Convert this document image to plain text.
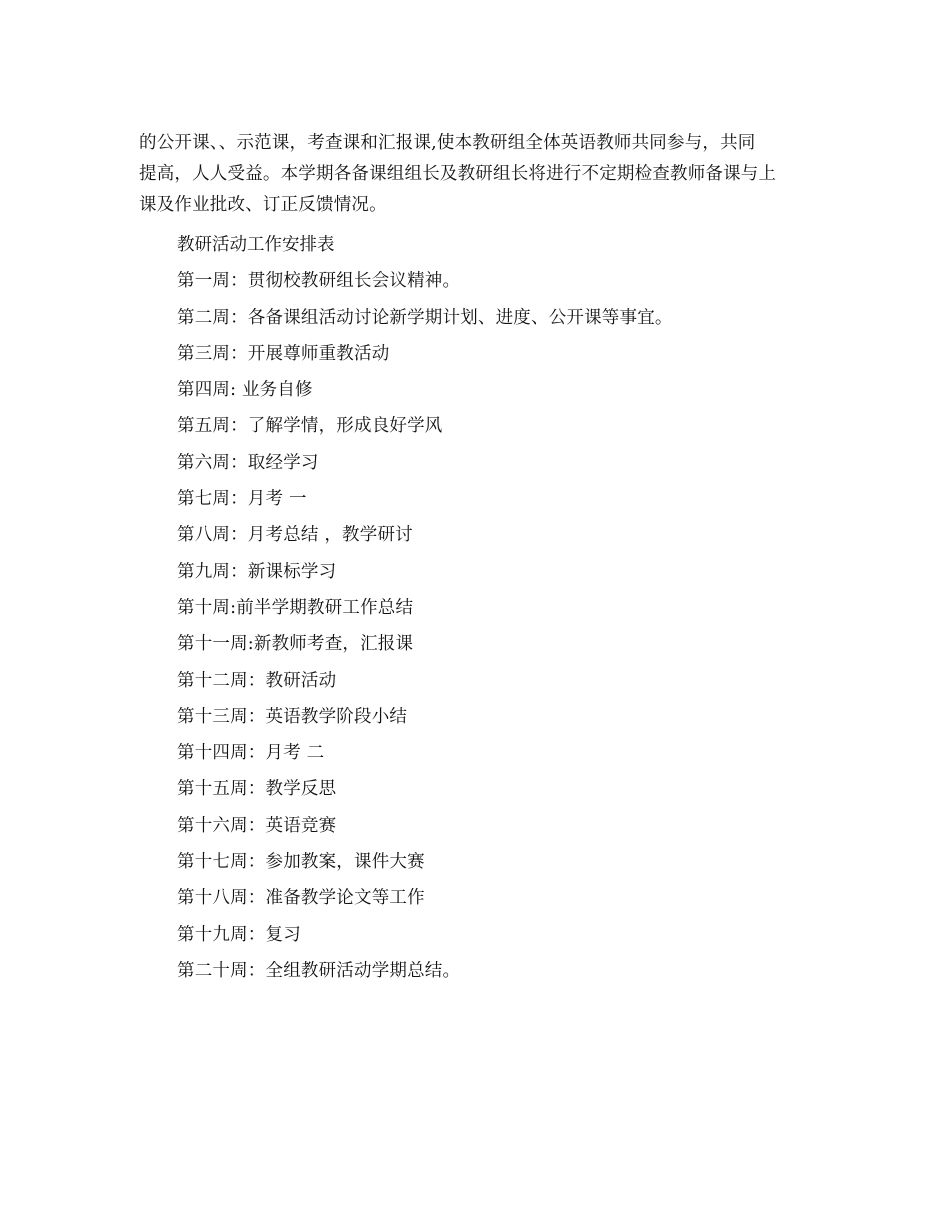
的公开课、、示范课，考查课和汇报课,使本教研组全体英语教师共同参与，共同
提高，人人受益。本学期各备课组组长及教研组长将进行不定期检查教师备课与上
课及作业批改、订正反馈情况。

教研活动工作安排表
第一周：贯彻校教研组长会议精神。
第二周：各备课组活动讨论新学期计划、进度、公开课等事宜。
第三周：开展尊师重教活动
第四周: 业务自修
第五周：了解学情，形成良好学风
第六周：取经学习
第七周：月考 一
第八周：月考总结 ，教学研讨
第九周：新课标学习
第十周:前半学期教研工作总结
第十一周:新教师考查，汇报课
第十二周：教研活动
第十三周：英语教学阶段小结
第十四周：月考 二
第十五周：教学反思
第十六周：英语竞赛
第十七周：参加教案，课件大赛
第十八周：准备教学论文等工作
第十九周：复习
第二十周：全组教研活动学期总结。
